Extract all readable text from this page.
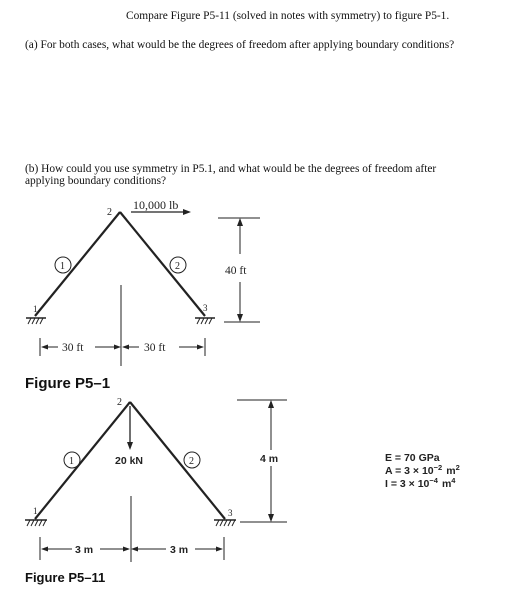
Compare Figure P5-11 (solved in notes with symmetry) to figure P5-1.
(a) For both cases, what would be the degrees of freedom after applying boundary conditions?
(b) How could you use symmetry in P5.1, and what would be the degrees of freedom after
applying boundary conditions?
10,000 lb
2
1	3
1	2	40 ft
30 ft	30 ft
Figure P5–1
2
1	3
1	2
20 kN	4 m
3 m	3 m
E = 70 GPa
$A = 3 \times 10^{-2}$ $m^2$
$I = 3 \times 10^{-4}$ $m^4$
Figure P5–11
